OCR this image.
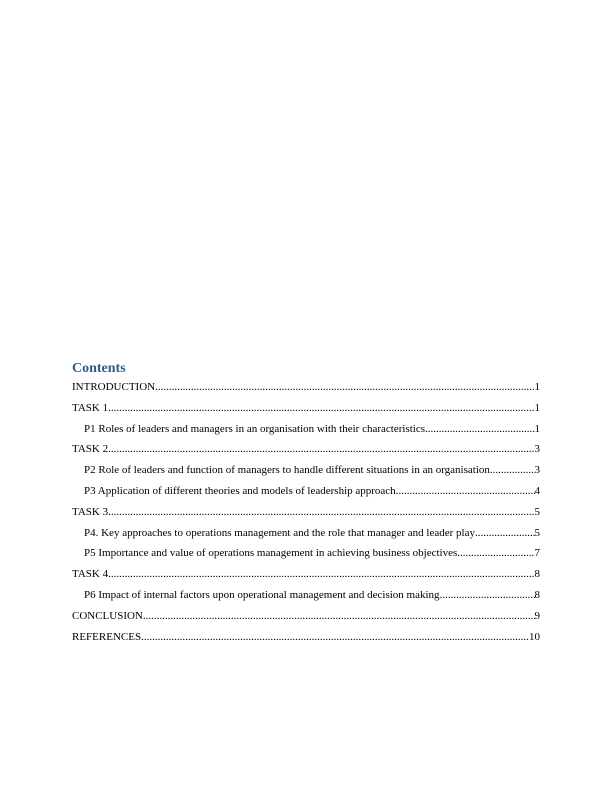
Contents
INTRODUCTION .....	1
TASK 1 .....	1
P1 Roles of leaders and managers in an organisation with their characteristics .....	1
TASK 2 .....	3
P2 Role of leaders and function of managers to handle different situations in an organisation .....	3
P3 Application of different theories and models of leadership approach .....	4
TASK 3 .....	5
P4. Key approaches to operations management and the role that manager and leader play .....	5
P5 Importance and value of operations management in achieving business objectives .....	7
TASK 4 .....	8
P6 Impact of internal factors upon operational management and decision making .....	8
CONCLUSION .....	9
REFERENCES .....	10
